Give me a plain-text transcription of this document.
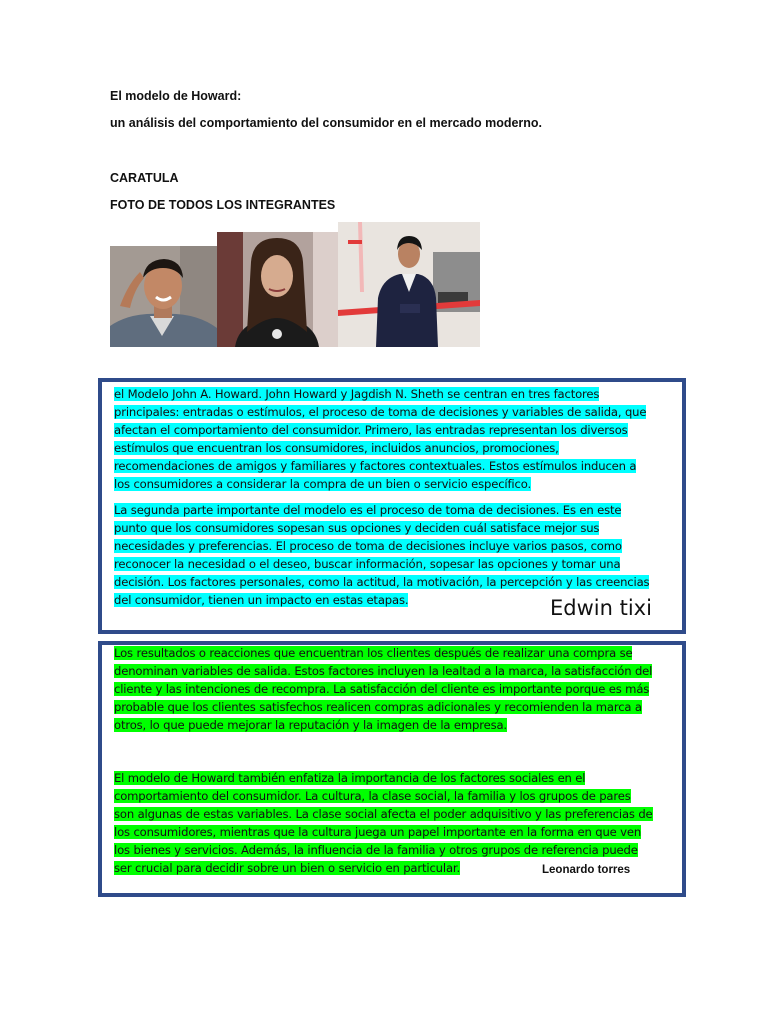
El modelo de Howard:
un análisis del comportamiento del consumidor en el mercado moderno.
CARATULA
FOTO DE TODOS LOS INTEGRANTES

el Modelo John A. Howard. John Howard y Jagdish N. Sheth se centran en tres factores principales: entradas o estímulos, el proceso de toma de decisiones y variables de salida, que afectan el comportamiento del consumidor. Primero, las entradas representan los diversos estímulos que encuentran los consumidores, incluidos anuncios, promociones, recomendaciones de amigos y familiares y factores contextuales. Estos estímulos inducen a los consumidores a considerar la compra de un bien o servicio específico.

La segunda parte importante del modelo es el proceso de toma de decisiones. Es en este punto que los consumidores sopesan sus opciones y deciden cuál satisface mejor sus necesidades y preferencias. El proceso de toma de decisiones incluye varios pasos, como reconocer la necesidad o el deseo, buscar información, sopesar las opciones y tomar una decisión. Los factores personales, como la actitud, la motivación, la percepción y las creencias del consumidor, tienen un impacto en estas etapas.	Edwin tixi

Los resultados o reacciones que encuentran los clientes después de realizar una compra se denominan variables de salida. Estos factores incluyen la lealtad a la marca, la satisfacción del cliente y las intenciones de recompra. La satisfacción del cliente es importante porque es más probable que los clientes satisfechos realicen compras adicionales y recomienden la marca a otros, lo que puede mejorar la reputación y la imagen de la empresa.

El modelo de Howard también enfatiza la importancia de los factores sociales en el comportamiento del consumidor. La cultura, la clase social, la familia y los grupos de pares son algunas de estas variables. La clase social afecta el poder adquisitivo y las preferencias de los consumidores, mientras que la cultura juega un papel importante en la forma en que ven los bienes y servicios. Además, la influencia de la familia y otros grupos de referencia puede ser crucial para decidir sobre un bien o servicio en particular.	Leonardo torres
